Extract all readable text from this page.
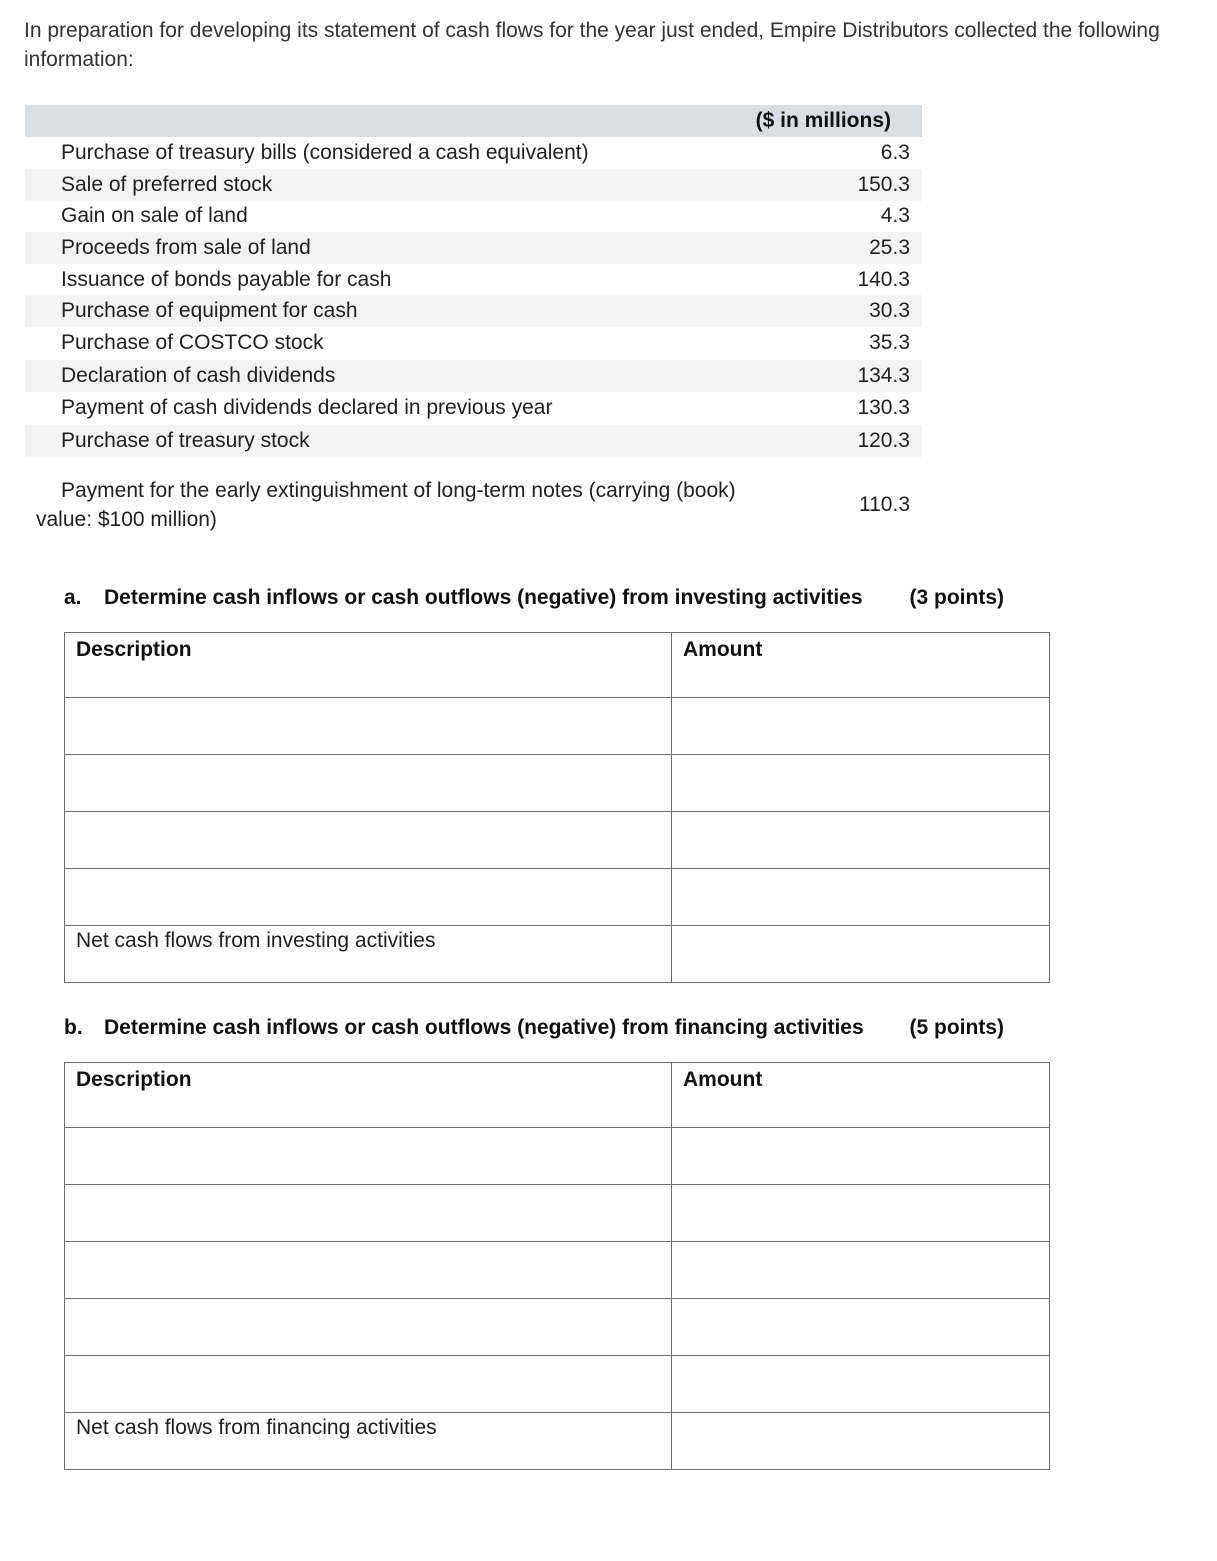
In preparation for developing its statement of cash flows for the year just ended, Empire Distributors collected the following information:

($ in millions)
Purchase of treasury bills (considered a cash equivalent)	6.3
Sale of preferred stock	150.3
Gain on sale of land	4.3
Proceeds from sale of land	25.3
Issuance of bonds payable for cash	140.3
Purchase of equipment for cash	30.3
Purchase of COSTCO stock	35.3
Declaration of cash dividends	134.3
Payment of cash dividends declared in previous year	130.3
Purchase of treasury stock	120.3
Payment for the early extinguishment of long-term notes (carrying (book) value: $100 million)
110.3
a. Determine cash inflows or cash outflows (negative) from investing activities (3 points)
Description	Amount

Net cash flows from investing activities

b. Determine cash inflows or cash outflows (negative) from financing activities (5 points)
Description	Amount

Net cash flows from financing activities
